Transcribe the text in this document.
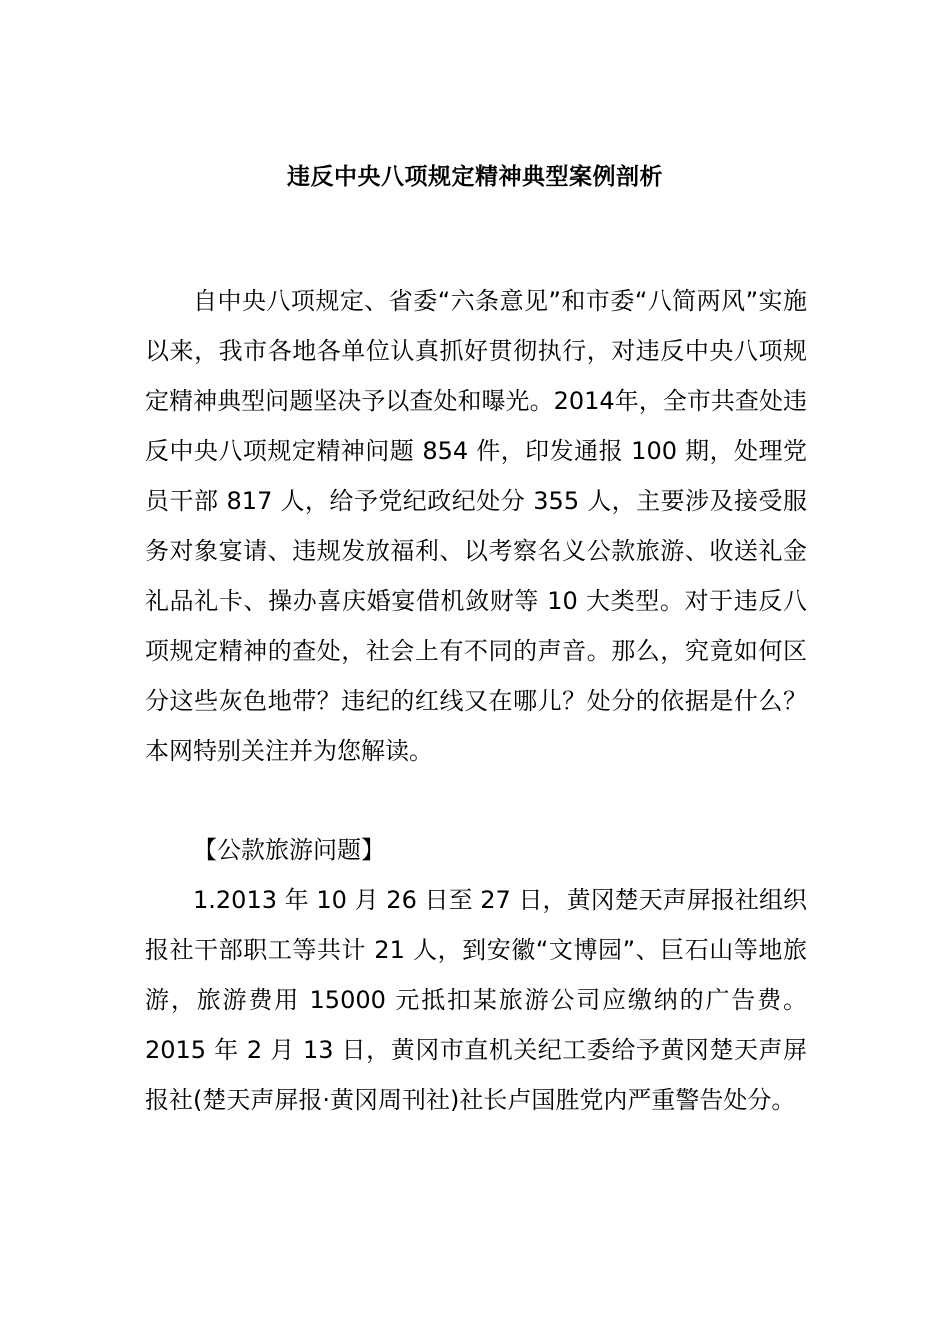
违反中央八项规定精神典型案例剖析

自中央八项规定、省委“六条意见”和市委“八简两风”实施以来，我市各地各单位认真抓好贯彻执行，对违反中央八项规定精神典型问题坚决予以查处和曝光。2014年，全市共查处违反中央八项规定精神问题 854 件，印发通报 100 期，处理党员干部 817 人，给予党纪政纪处分 355 人，主要涉及接受服务对象宴请、违规发放福利、以考察名义公款旅游、收送礼金礼品礼卡、操办喜庆婚宴借机敛财等 10 大类型。对于违反八项规定精神的查处，社会上有不同的声音。那么，究竟如何区分这些灰色地带？违纪的红线又在哪儿？处分的依据是什么？本网特别关注并为您解读。

【公款旅游问题】

1.2013 年 10 月 26 日至 27 日，黄冈楚天声屏报社组织报社干部职工等共计 21 人，到安徽“文博园”、巨石山等地旅游，旅游费用 15000 元抵扣某旅游公司应缴纳的广告费。2015 年 2 月 13 日，黄冈市直机关纪工委给予黄冈楚天声屏报社(楚天声屏报·黄冈周刊社)社长卢国胜党内严重警告处分。
